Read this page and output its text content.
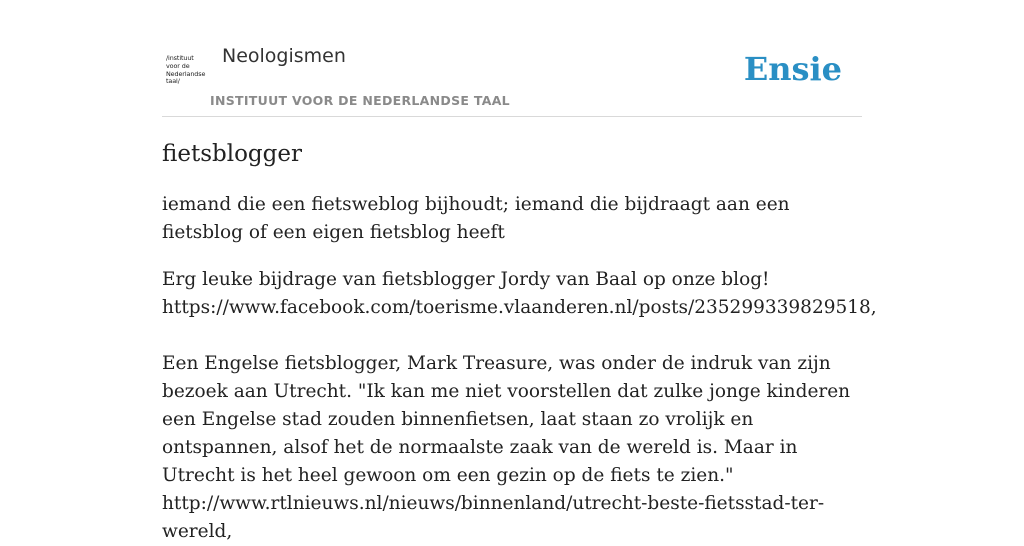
/instituut
voor de
Nederlandse
taal/
Neologismen
INSTITUUT VOOR DE NEDERLANDSE TAAL
Ensie
fietsblogger
iemand die een fietsweblog bijhoudt; iemand die bijdraagt aan een fietsblog of een eigen fietsblog heeft

Erg leuke bijdrage van fietsblogger Jordy van Baal op onze blog!

https://www.facebook.com/toerisme.vlaanderen.nl/posts/235299339829518,

Een Engelse fietsblogger, Mark Treasure, was onder de indruk van zijn bezoek aan Utrecht. "Ik kan me niet voorstellen dat zulke jonge kinderen een Engelse stad zouden binnenfietsen, laat staan zo vrolijk en ontspannen, alsof het de normaalste zaak van de wereld is. Maar in Utrecht is het heel gewoon om een gezin op de fiets te zien."

http://www.rtlnieuws.nl/nieuws/binnenland/utrecht-beste-fietsstad-ter-wereld,
